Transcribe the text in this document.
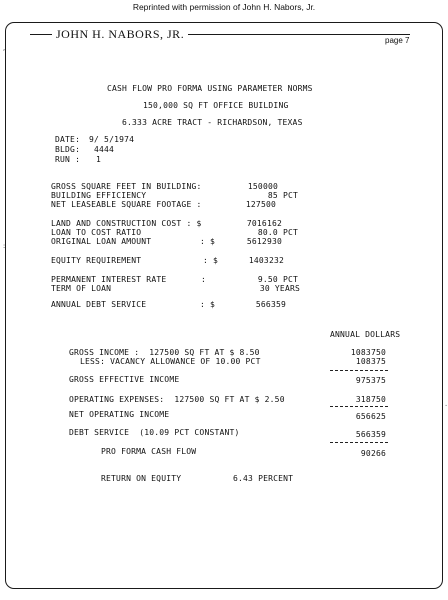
Reprinted with permission of John H. Nabors, Jr.
JOHN H. NABORS, JR.	page 7
,
:
·
CASH FLOW PRO FORMA USING PARAMETER NORMS
150,000 SQ FT OFFICE BUILDING
6.333 ACRE TRACT - RICHARDSON, TEXAS
DATE: 9/ 5/1974
BLDG: 4444
RUN : 1
GROSS SQUARE FEET IN BUILDING:	150000
BUILDING EFFICIENCY	85 PCT
NET LEASEABLE SQUARE FOOTAGE :	127500
LAND AND CONSTRUCTION COST : $	7016162
LOAN TO COST RATIO	80.0 PCT
ORIGINAL LOAN AMOUNT	: $	5612930
EQUITY REQUIREMENT	: $	1403232
PERMANENT INTEREST RATE	:	9.50 PCT
TERM OF LOAN	30 YEARS
ANNUAL DEBT SERVICE	: $	566359
ANNUAL DOLLARS
GROSS INCOME :  127500 SQ FT AT $ 8.50	1083750
LESS: VACANCY ALLOWANCE OF 10.00 PCT	108375
GROSS EFFECTIVE INCOME	975375
OPERATING EXPENSES:  127500 SQ FT AT $ 2.50	318750
NET OPERATING INCOME	656625
DEBT SERVICE  (10.09 PCT CONSTANT)	566359
PRO FORMA CASH FLOW	90266
RETURN ON EQUITY	6.43 PERCENT
